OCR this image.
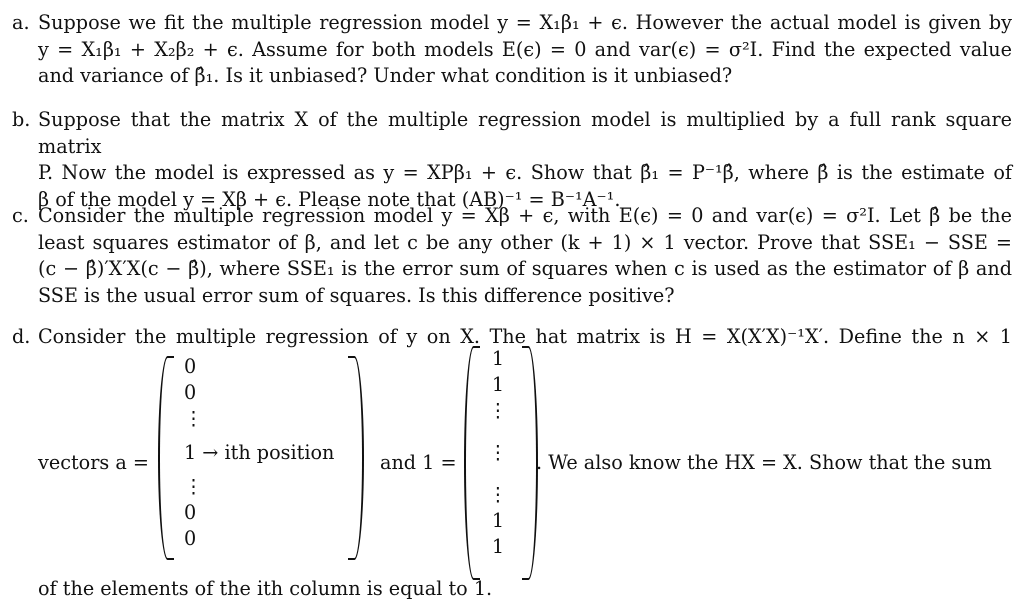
a. Suppose we fit the multiple regression model y = X₁β₁ + ϵ. However the actual model is given by
y = X₁β₁ + X₂β₂ + ϵ. Assume for both models E(ϵ) = 0 and var(ϵ) = σ²I. Find the expected value
and variance of β̂₁. Is it unbiased? Under what condition is it unbiased?
b. Suppose that the matrix X of the multiple regression model is multiplied by a full rank square matrix
P. Now the model is expressed as y = XPβ₁ + ϵ. Show that β̂₁ = P⁻¹β̂, where β̂ is the estimate of
β of the model y = Xβ + ϵ. Please note that (AB)⁻¹ = B⁻¹A⁻¹.
c. Consider the multiple regression model y = Xβ + ϵ, with E(ϵ) = 0 and var(ϵ) = σ²I. Let β̂ be the
least squares estimator of β, and let c be any other (k + 1) × 1 vector. Prove that SSE₁ − SSE =
(c − β̂)′X′X(c − β̂), where SSE₁ is the error sum of squares when c is used as the estimator of β and
SSE is the usual error sum of squares. Is this difference positive?
d. Consider the multiple regression of y on X. The hat matrix is H = X(X′X)⁻¹X′. Define the n × 1
vectors a =
0
0
⋮
1 → ith position
⋮
0
0
and 1 =
1
1
⋮
⋮
⋮
1
1
. We also know the HX = X. Show that the sum
of the elements of the ith column is equal to 1.
